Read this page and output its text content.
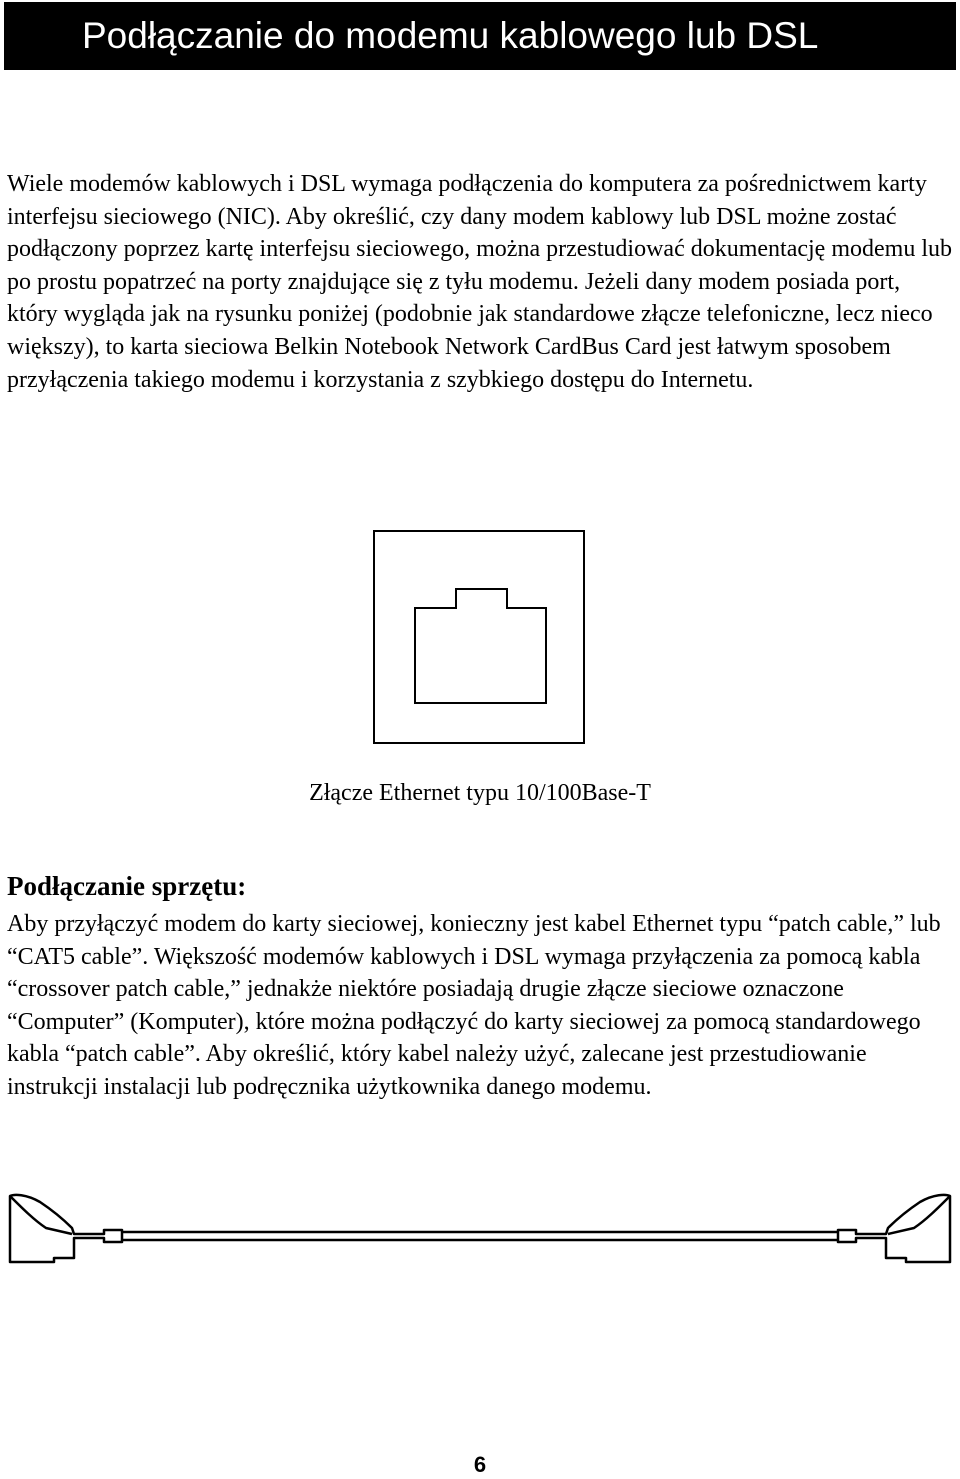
Podłączanie do modemu kablowego lub DSL

Wiele modemów kablowych i DSL wymaga podłączenia do komputera za pośrednictwem karty interfejsu sieciowego (NIC). Aby określić, czy dany modem kablowy lub DSL możne zostać podłączony poprzez kartę interfejsu sieciowego, można przestudiować dokumentację modemu lub po prostu popatrzeć na porty znajdujące się z tyłu modemu. Jeżeli dany modem posiada port, który wygląda jak na rysunku poniżej (podobnie jak standardowe złącze telefoniczne, lecz nieco większy), to karta sieciowa Belkin Notebook Network CardBus Card jest łatwym sposobem przyłączenia takiego modemu i korzystania z szybkiego dostępu do Internetu.

Złącze Ethernet typu 10/100Base-T
Podłączanie sprzętu:

Aby przyłączyć modem do karty sieciowej, konieczny jest kabel Ethernet typu “patch cable,” lub “CAT5 cable”. Większość modemów kablowych i DSL wymaga przyłączenia za pomocą kabla “crossover patch cable,” jednakże niektóre posiadają drugie złącze sieciowe oznaczone “Computer” (Komputer), które można podłączyć do karty sieciowej za pomocą standardowego kabla “patch cable”. Aby określić, który kabel należy użyć, zalecane jest przestudiowanie instrukcji instalacji lub podręcznika użytkownika danego modemu.

6
